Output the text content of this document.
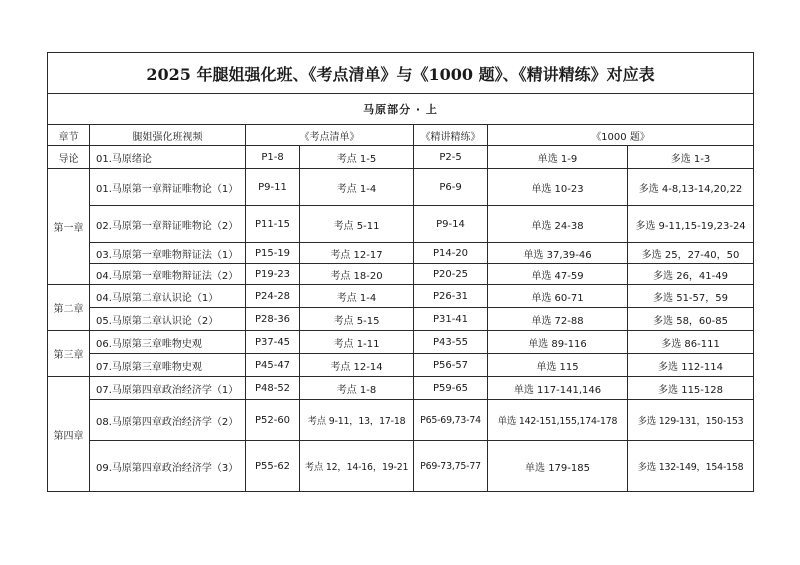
2025 年腿姐强化班、《考点清单》与《1000 题》、《精讲精练》对应表						
马原部分 · 上						
章节	腿姐强化班视频	《考点清单》		《精讲精练》	《1000 题》	
导论	01.马原绪论	P1-8	考点 1-5	P2-5	单选 1-9	多选 1-3
第一章	01.马原第一章辩证唯物论（1）	P9-11	考点 1-4	P6-9	单选 10-23	多选 4-8,13-14,20,22
	02.马原第一章辩证唯物论（2）	P11-15	考点 5-11	P9-14	单选 24-38	多选 9-11,15-19,23-24
	03.马原第一章唯物辩证法（1）	P15-19	考点 12-17	P14-20	单选 37,39-46	多选 25，27-40，50
	04.马原第一章唯物辩证法（2）	P19-23	考点 18-20	P20-25	单选 47-59	多选 26，41-49
第二章	04.马原第二章认识论（1）	P24-28	考点 1-4	P26-31	单选 60-71	多选 51-57，59
	05.马原第二章认识论（2）	P28-36	考点 5-15	P31-41	单选 72-88	多选 58，60-85
第三章	06.马原第三章唯物史观	P37-45	考点 1-11	P43-55	单选 89-116	多选 86-111
	07.马原第三章唯物史观	P45-47	考点 12-14	P56-57	单选 115	多选 112-114
第四章	07.马原第四章政治经济学（1）	P48-52	考点 1-8	P59-65	单选 117-141,146	多选 115-128
	08.马原第四章政治经济学（2）	P52-60	考点 9-11，13，17-18	P65-69,73-74	单选 142-151,155,174-178	多选 129-131，150-153
	09.马原第四章政治经济学（3）	P55-62	考点 12，14-16，19-21	P69-73,75-77	单选 179-185	多选 132-149，154-158
